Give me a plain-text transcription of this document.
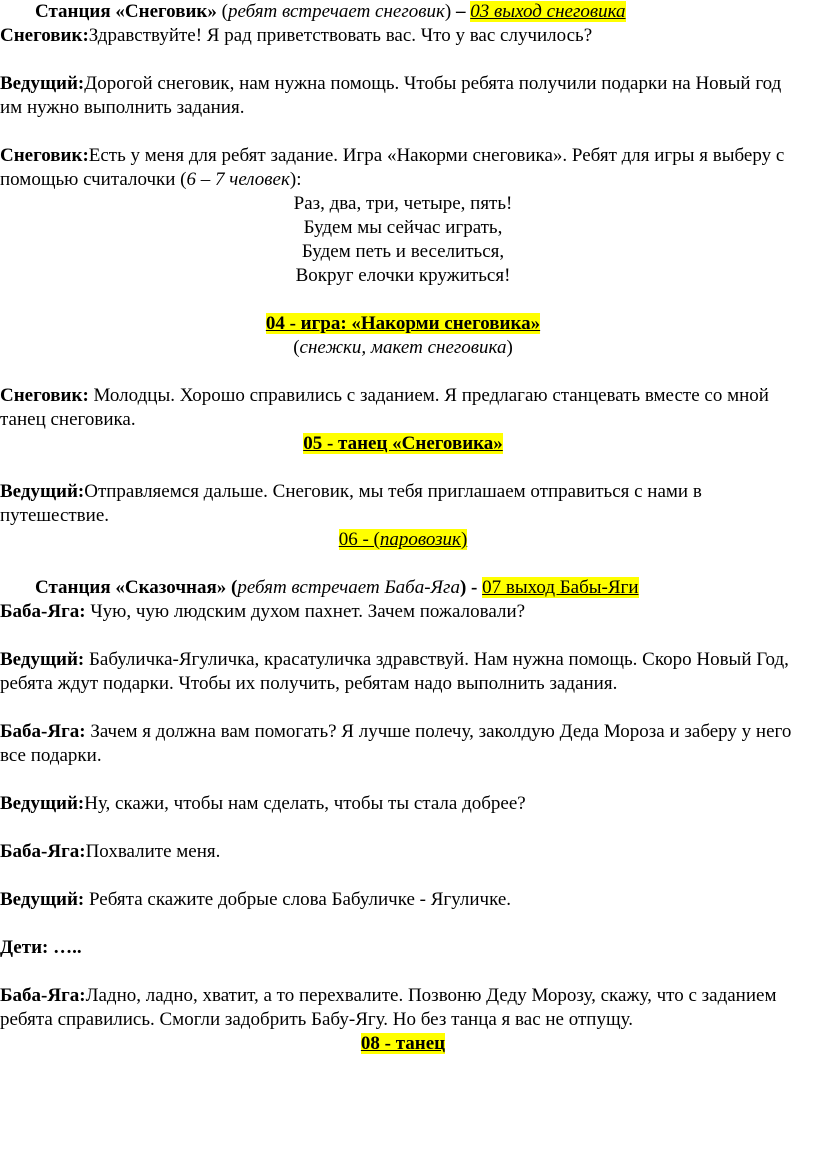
Станция «Снеговик» (ребят встречает снеговик) – 03 выход снеговика

Снеговик:Здравствуйте! Я рад приветствовать вас. Что у вас случилось?

Ведущий:Дорогой снеговик, нам нужна помощь. Чтобы ребята получили подарки на Новый год им нужно выполнить задания.

Снеговик:Есть у меня для ребят задание. Игра «Накорми снеговика». Ребят для игры я выберу с помощью считалочки (6 – 7 человек):

Раз, два, три, четыре, пять!

Будем мы сейчас играть,

Будем петь и веселиться,

Вокруг елочки кружиться!

04 - игра: «Накорми снеговика»

(снежки, макет снеговика)

Снеговик: Молодцы. Хорошо справились с заданием. Я предлагаю станцевать вместе со мной танец снеговика.

05 - танец «Снеговика»

Ведущий:Отправляемся дальше. Снеговик, мы тебя приглашаем отправиться с нами в путешествие.

06 - (паровозик)

Станция «Сказочная» (ребят встречает Баба-Яга) - 07 выход Бабы-Яги

Баба-Яга: Чую, чую людским духом пахнет. Зачем пожаловали?

Ведущий: Бабуличка-Ягуличка, красатуличка здравствуй. Нам нужна помощь. Скоро Новый Год, ребята ждут подарки. Чтобы их получить, ребятам надо выполнить задания.

Баба-Яга: Зачем я должна вам помогать? Я лучше полечу, заколдую Деда Мороза и заберу у него все подарки.

Ведущий:Ну, скажи, чтобы нам сделать, чтобы ты стала добрее?

Баба-Яга:Похвалите меня.

Ведущий: Ребята скажите добрые слова Бабуличке - Ягуличке.

Дети: …..

Баба-Яга:Ладно, ладно, хватит, а то перехвалите. Позвоню Деду Морозу, скажу, что с заданием ребята справились. Смогли задобрить Бабу-Ягу. Но без танца я вас не отпущу.

08 - танец
